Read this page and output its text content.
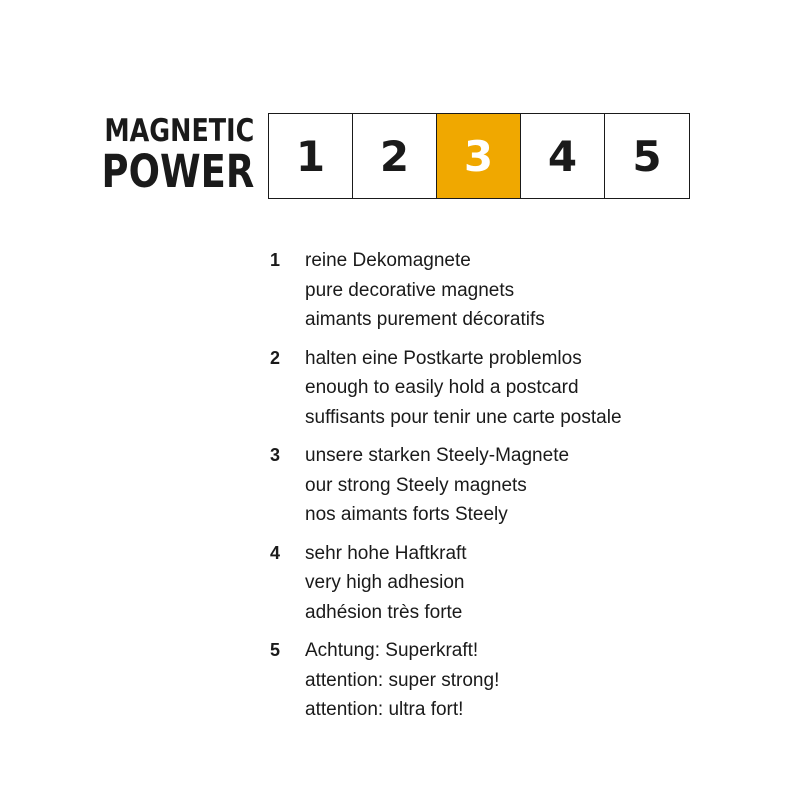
MAGNETIC
POWER 1	2	3	4	5
1	reine Dekomagnete
pure decorative magnets
aimants purement décoratifs
2	halten eine Postkarte problemlos
enough to easily hold a postcard
suffisants pour tenir une carte postale
3	unsere starken Steely-Magnete
our strong Steely magnets
nos aimants forts Steely
4	sehr hohe Haftkraft
very high adhesion
adhésion très forte
5	Achtung: Superkraft!
attention: super strong!
attention: ultra fort!
